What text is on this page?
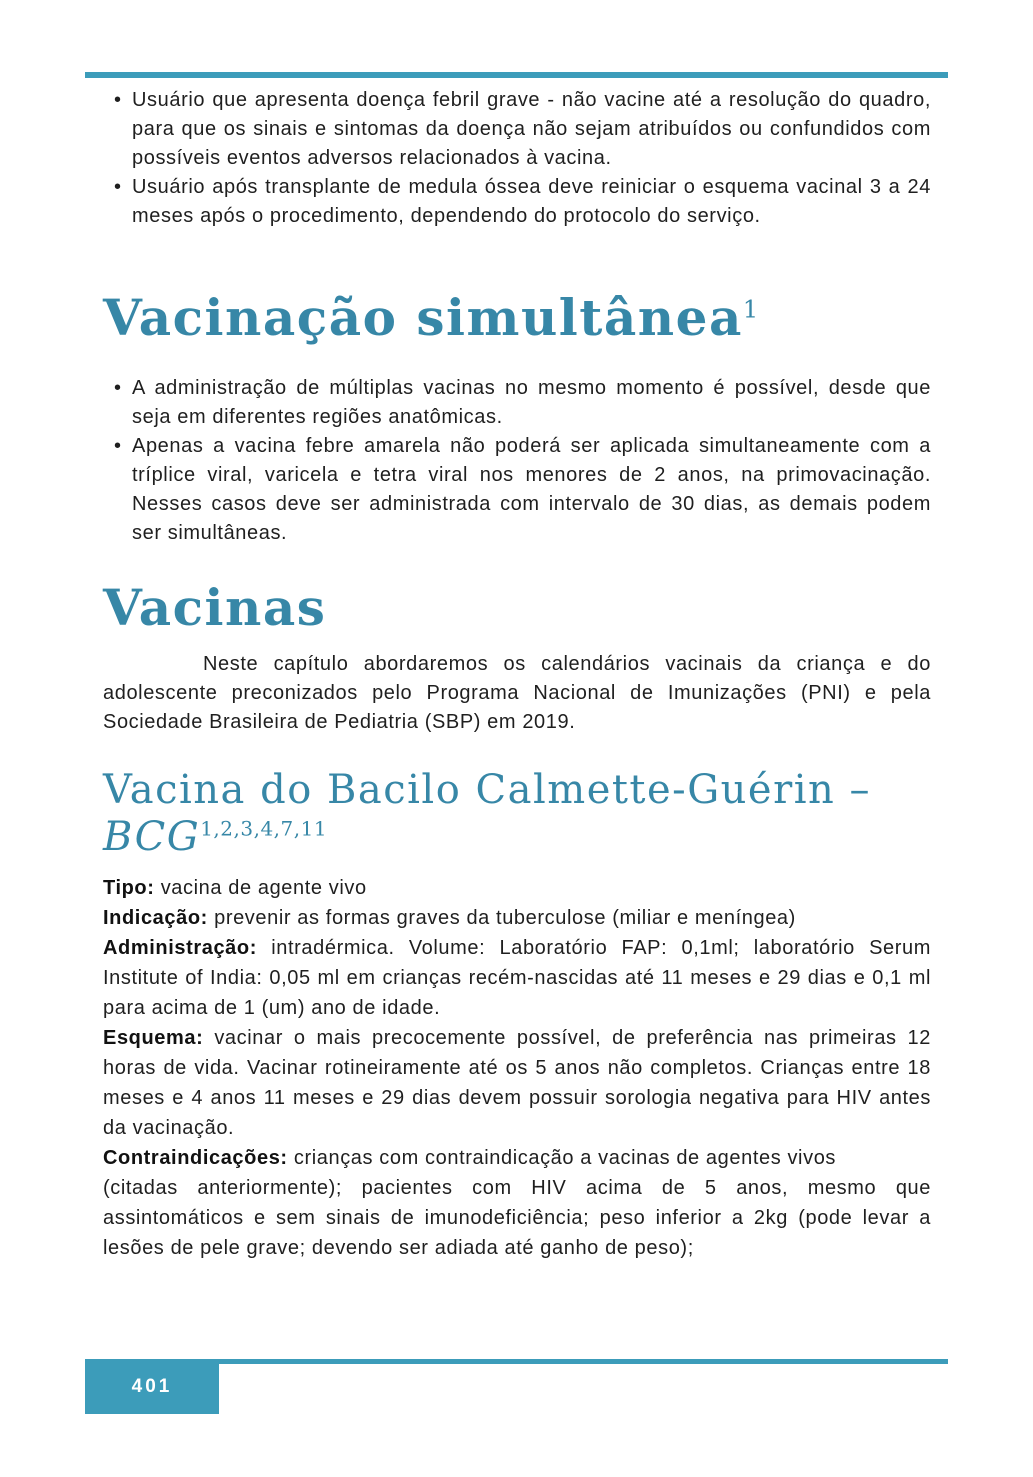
• Usuário que apresenta doença febril grave - não vacine até a resolução do quadro, para que os sinais e sintomas da doença não sejam atribuídos ou confundidos com possíveis eventos adversos relacionados à vacina.
• Usuário após transplante de medula óssea deve reiniciar o esquema vacinal 3 a 24 meses após o procedimento, dependendo do protocolo do serviço.
Vacinação simultânea$^1$
• A administração de múltiplas vacinas no mesmo momento é possível, desde que seja em diferentes regiões anatômicas.
• Apenas a vacina febre amarela não poderá ser aplicada simultaneamente com a tríplice viral, varicela e tetra viral nos menores de 2 anos, na primovacinação. Nesses casos deve ser administrada com intervalo de 30 dias, as demais podem ser simultâneas.
Vacinas

Neste capítulo abordaremos os calendários vacinais da criança e do adolescente preconizados pelo Programa Nacional de Imunizações (PNI) e pela Sociedade Brasileira de Pediatria (SBP) em 2019.

Vacina do Bacilo Calmette-Guérin –
BCG$^{1,2,3,4,7,11}$

Tipo: vacina de agente vivo

Indicação: prevenir as formas graves da tuberculose (miliar e meníngea)

Administração: intradérmica. Volume: Laboratório FAP: 0,1ml; laboratório Serum Institute of India: 0,05 ml em crianças recém-nascidas até 11 meses e 29 dias e 0,1 ml para acima de 1 (um) ano de idade.

Esquema: vacinar o mais precocemente possível, de preferência nas primeiras 12 horas de vida. Vacinar rotineiramente até os 5 anos não completos. Crianças entre 18 meses e 4 anos 11 meses e 29 dias devem possuir sorologia negativa para HIV antes da vacinação.

Contraindicações: crianças com contraindicação a vacinas de agentes vivos
(citadas anteriormente); pacientes com HIV acima de 5 anos, mesmo que assintomáticos e sem sinais de imunodeficiência; peso inferior a 2kg (pode levar a lesões de pele grave; devendo ser adiada até ganho de peso);

401
